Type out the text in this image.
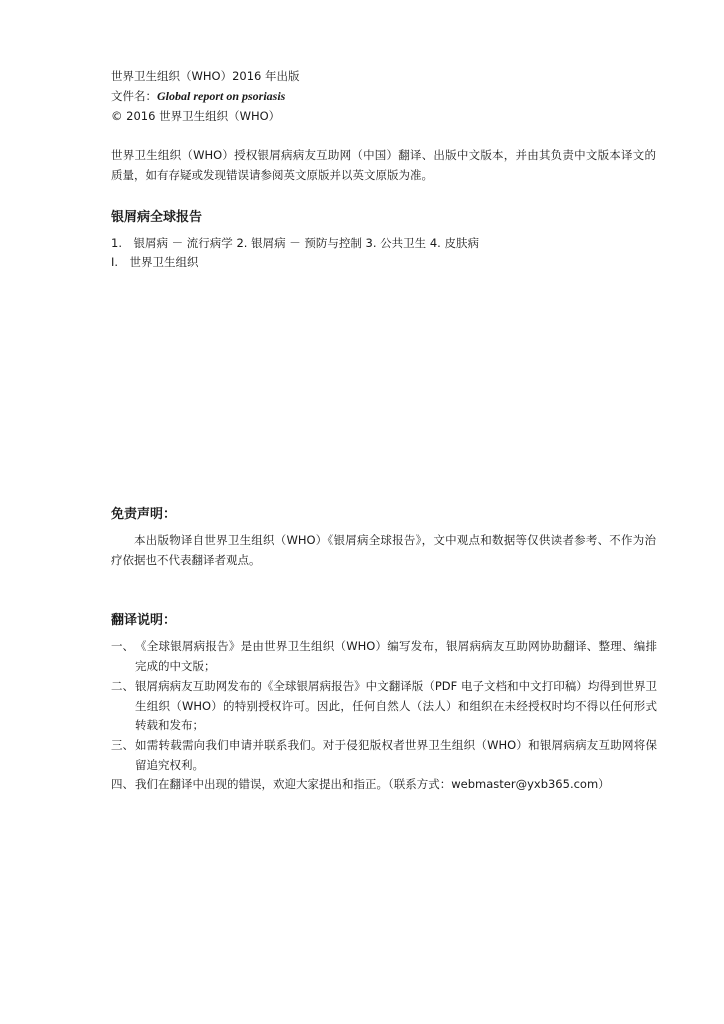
世界卫生组织（WHO）2016 年出版
文件名：Global report on psoriasis
© 2016 世界卫生组织（WHO）
世界卫生组织（WHO）授权银屑病病友互助网（中国）翻译、出版中文版本，并由其负责中文版本译文的质量，如有存疑或发现错误请参阅英文原版并以英文原版为准。
银屑病全球报告
1.　银屑病 － 流行病学 2. 银屑病 － 预防与控制 3. 公共卫生 4. 皮肤病
I.　世界卫生组织
免责声明：
本出版物译自世界卫生组织（WHO）《银屑病全球报告》，文中观点和数据等仅供读者参考、不作为治疗依据也不代表翻译者观点。
翻译说明：
一、 《全球银屑病报告》是由世界卫生组织（WHO）编写发布，银屑病病友互助网协助翻译、整理、编排完成的中文版；
二、 银屑病病友互助网发布的《全球银屑病报告》中文翻译版（PDF 电子文档和中文打印稿）均得到世界卫生组织（WHO）的特别授权许可。因此，任何自然人（法人）和组织在未经授权时均不得以任何形式转载和发布；
三、 如需转载需向我们申请并联系我们。对于侵犯版权者世界卫生组织（WHO）和银屑病病友互助网将保留追究权利。
四、 我们在翻译中出现的错误，欢迎大家提出和指正。（联系方式：webmaster@yxb365.com）
